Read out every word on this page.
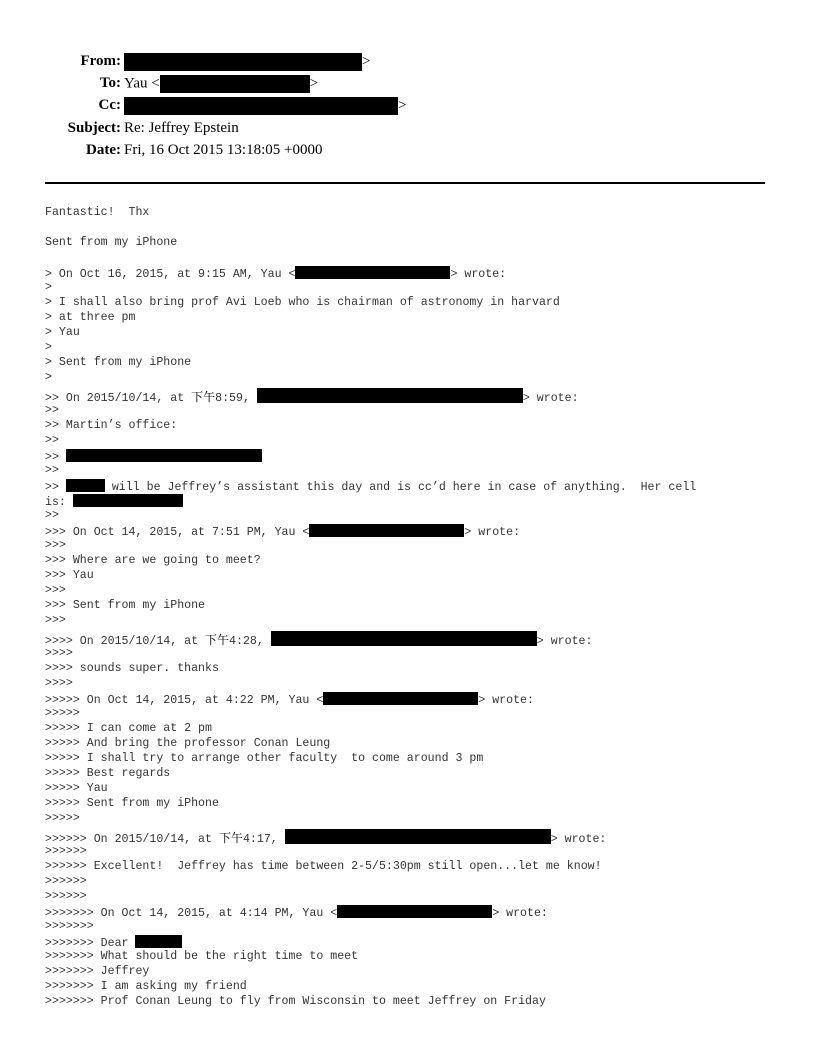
From:	>
To: Yau <	>
Cc:	>
Subject: Re: Jeffrey Epstein
Date: Fri, 16 Oct 2015 13:18:05 +0000
Fantastic!  Thx
Sent from my iPhone
> On Oct 16, 2015, at 9:15 AM, Yau <	> wrote:
>
> I shall also bring prof Avi Loeb who is chairman of astronomy in harvard
> at three pm
> Yau
>
> Sent from my iPhone
>
>> On 2015/10/14, at 下午8:59,	> wrote:
>>
>> Martin’s office:
>>
>>
>>
>>	will be Jeffrey’s assistant this day and is cc’d here in case of anything.  Her cell
is:
>>
>>> On Oct 14, 2015, at 7:51 PM, Yau <	> wrote:
>>>
>>> Where are we going to meet?
>>> Yau
>>>
>>> Sent from my iPhone
>>>
>>>> On 2015/10/14, at 下午4:28,	> wrote:
>>>>
>>>> sounds super. thanks
>>>>
>>>>> On Oct 14, 2015, at 4:22 PM, Yau <	> wrote:
>>>>>
>>>>> I can come at 2 pm
>>>>> And bring the professor Conan Leung
>>>>> I shall try to arrange other faculty  to come around 3 pm
>>>>> Best regards
>>>>> Yau
>>>>> Sent from my iPhone
>>>>>
>>>>>> On 2015/10/14, at 下午4:17,	> wrote:
>>>>>>
>>>>>> Excellent!  Jeffrey has time between 2-5/5:30pm still open...let me know!
>>>>>>
>>>>>>
>>>>>>> On Oct 14, 2015, at 4:14 PM, Yau <	> wrote:
>>>>>>>
>>>>>>> Dear
>>>>>>> What should be the right time to meet
>>>>>>> Jeffrey
>>>>>>> I am asking my friend
>>>>>>> Prof Conan Leung to fly from Wisconsin to meet Jeffrey on Friday
